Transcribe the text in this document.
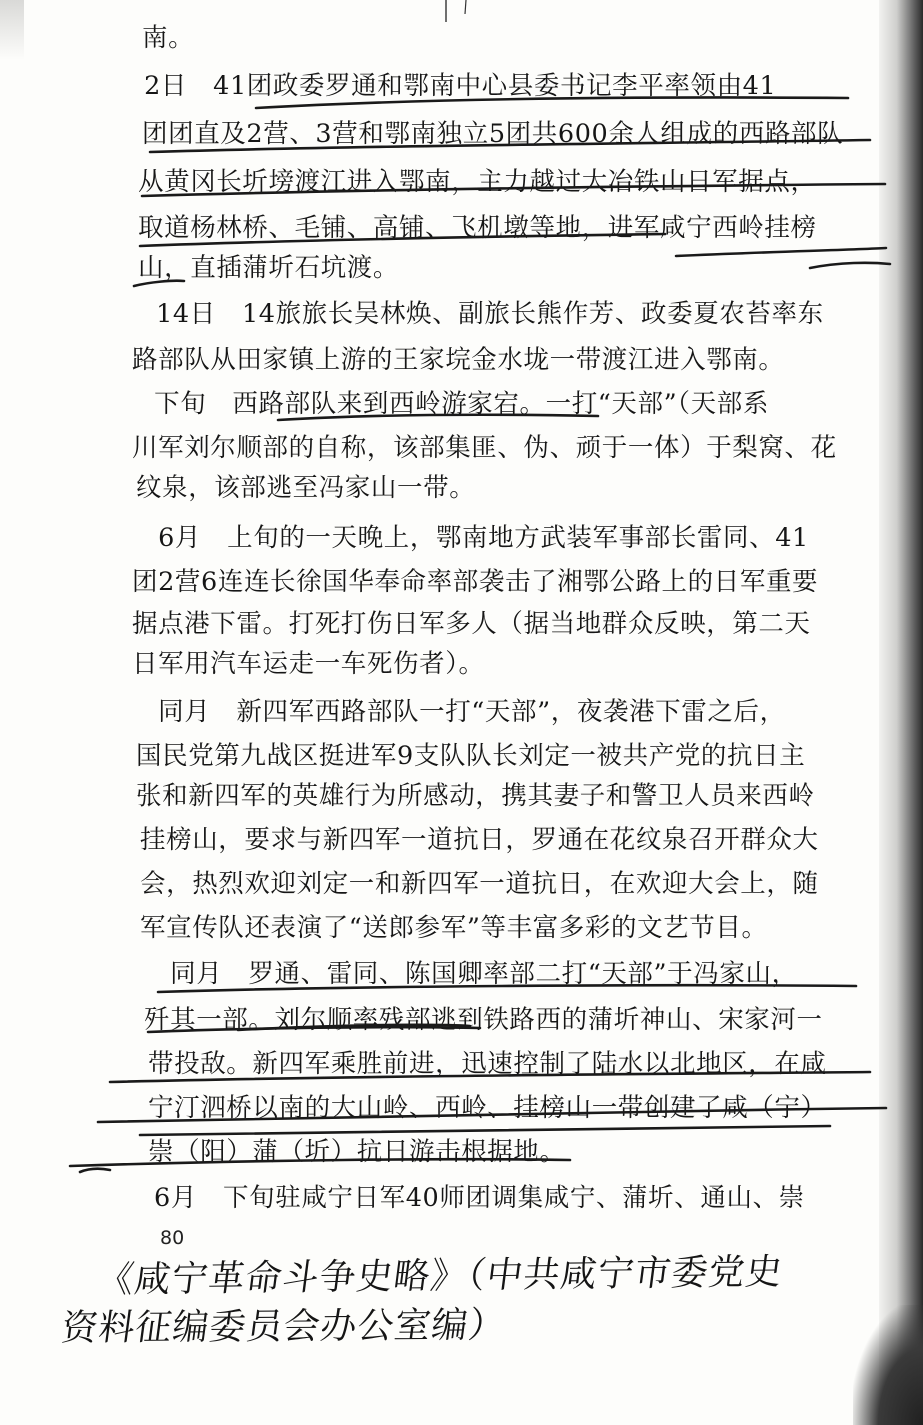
南。
　2日　41团政委罗通和鄂南中心县委书记李平率领由41
团团直及2营、3营和鄂南独立5团共600余人组成的西路部队
从黄冈长圻塝渡江进入鄂南，主力越过大冶铁山日军据点，
取道杨林桥、毛铺、高铺、飞机墩等地，进军咸宁西岭挂榜
山，直插蒲圻石坑渡。
　14日　14旅旅长吴林焕、副旅长熊作芳、政委夏农苔率东
路部队从田家镇上游的王家垸金水垅一带渡江进入鄂南。
　下旬　西路部队来到西岭游家宕。一打“天部”（天部系
川军刘尔顺部的自称，该部集匪、伪、顽于一体）于梨窝、花
纹泉，该部逃至冯家山一带。
　6月　上旬的一天晚上，鄂南地方武装军事部长雷同、41
团2营6连连长徐国华奉命率部袭击了湘鄂公路上的日军重要
据点港下雷。打死打伤日军多人（据当地群众反映，第二天
日军用汽车运走一车死伤者）。
　同月　新四军西路部队一打“天部”，夜袭港下雷之后，
国民党第九战区挺进军9支队队长刘定一被共产党的抗日主
张和新四军的英雄行为所感动，携其妻子和警卫人员来西岭
挂榜山，要求与新四军一道抗日，罗通在花纹泉召开群众大
会，热烈欢迎刘定一和新四军一道抗日，在欢迎大会上，随
军宣传队还表演了“送郎参军”等丰富多彩的文艺节目。
　同月　罗通、雷同、陈国卿率部二打“天部”于冯家山，
歼其一部。刘尔顺率残部逃到铁路西的蒲圻神山、宋家河一
带投敌。新四军乘胜前进，迅速控制了陆水以北地区，在咸
宁汀泗桥以南的大山岭、西岭、挂榜山一带创建了咸（宁）
崇（阳）蒲（圻）抗日游击根据地。
6月　下旬驻咸宁日军40师团调集咸宁、蒲圻、通山、崇
80
《咸宁革命斗争史略》（中共咸宁市委党史
资料征编委员会办公室编）
